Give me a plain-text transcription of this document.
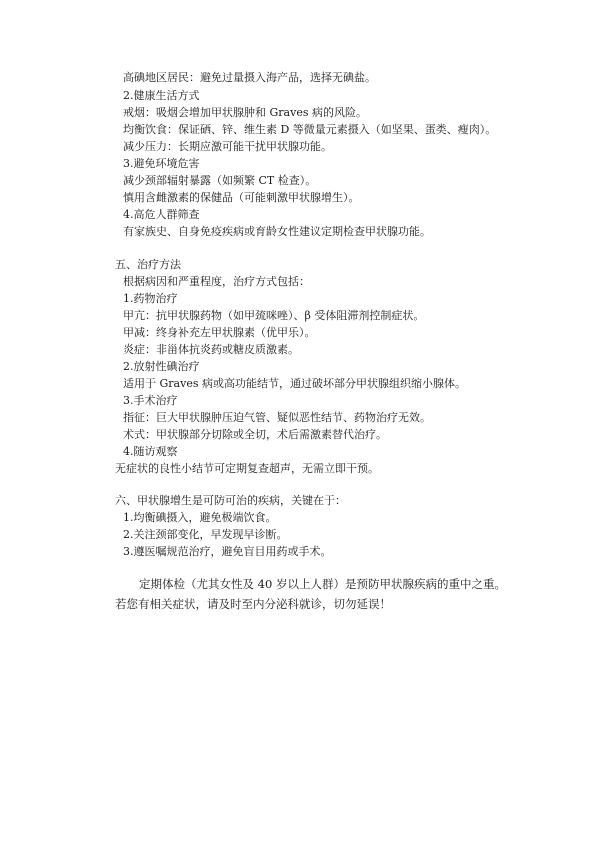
高碘地区居民：避免过量摄入海产品，选择无碘盐。
2.健康生活方式
戒烟：吸烟会增加甲状腺肿和 Graves 病的风险。
均衡饮食：保证硒、锌、维生素 D 等微量元素摄入（如坚果、蛋类、瘦肉）。
减少压力：长期应激可能干扰甲状腺功能。
3.避免环境危害
减少颈部辐射暴露（如频繁 CT 检查）。
慎用含雌激素的保健品（可能刺激甲状腺增生）。
4.高危人群筛查
有家族史、自身免疫疾病或育龄女性建议定期检查甲状腺功能。
五、治疗方法
根据病因和严重程度，治疗方式包括：
1.药物治疗
甲亢：抗甲状腺药物（如甲巯咪唑）、β 受体阻滞剂控制症状。
甲减：终身补充左甲状腺素（优甲乐）。
炎症：非甾体抗炎药或糖皮质激素。
2.放射性碘治疗
适用于 Graves 病或高功能结节，通过破坏部分甲状腺组织缩小腺体。
3.手术治疗
指征：巨大甲状腺肿压迫气管、疑似恶性结节、药物治疗无效。
术式：甲状腺部分切除或全切，术后需激素替代治疗。
4.随访观察
无症状的良性小结节可定期复查超声，无需立即干预。
六、甲状腺增生是可防可治的疾病，关键在于：
1.均衡碘摄入，避免极端饮食。
2.关注颈部变化，早发现早诊断。
3.遵医嘱规范治疗，避免盲目用药或手术。
定期体检（尤其女性及 40 岁以上人群）是预防甲状腺疾病的重中之重。若您有相关症状，请及时至内分泌科就诊，切勿延误！
